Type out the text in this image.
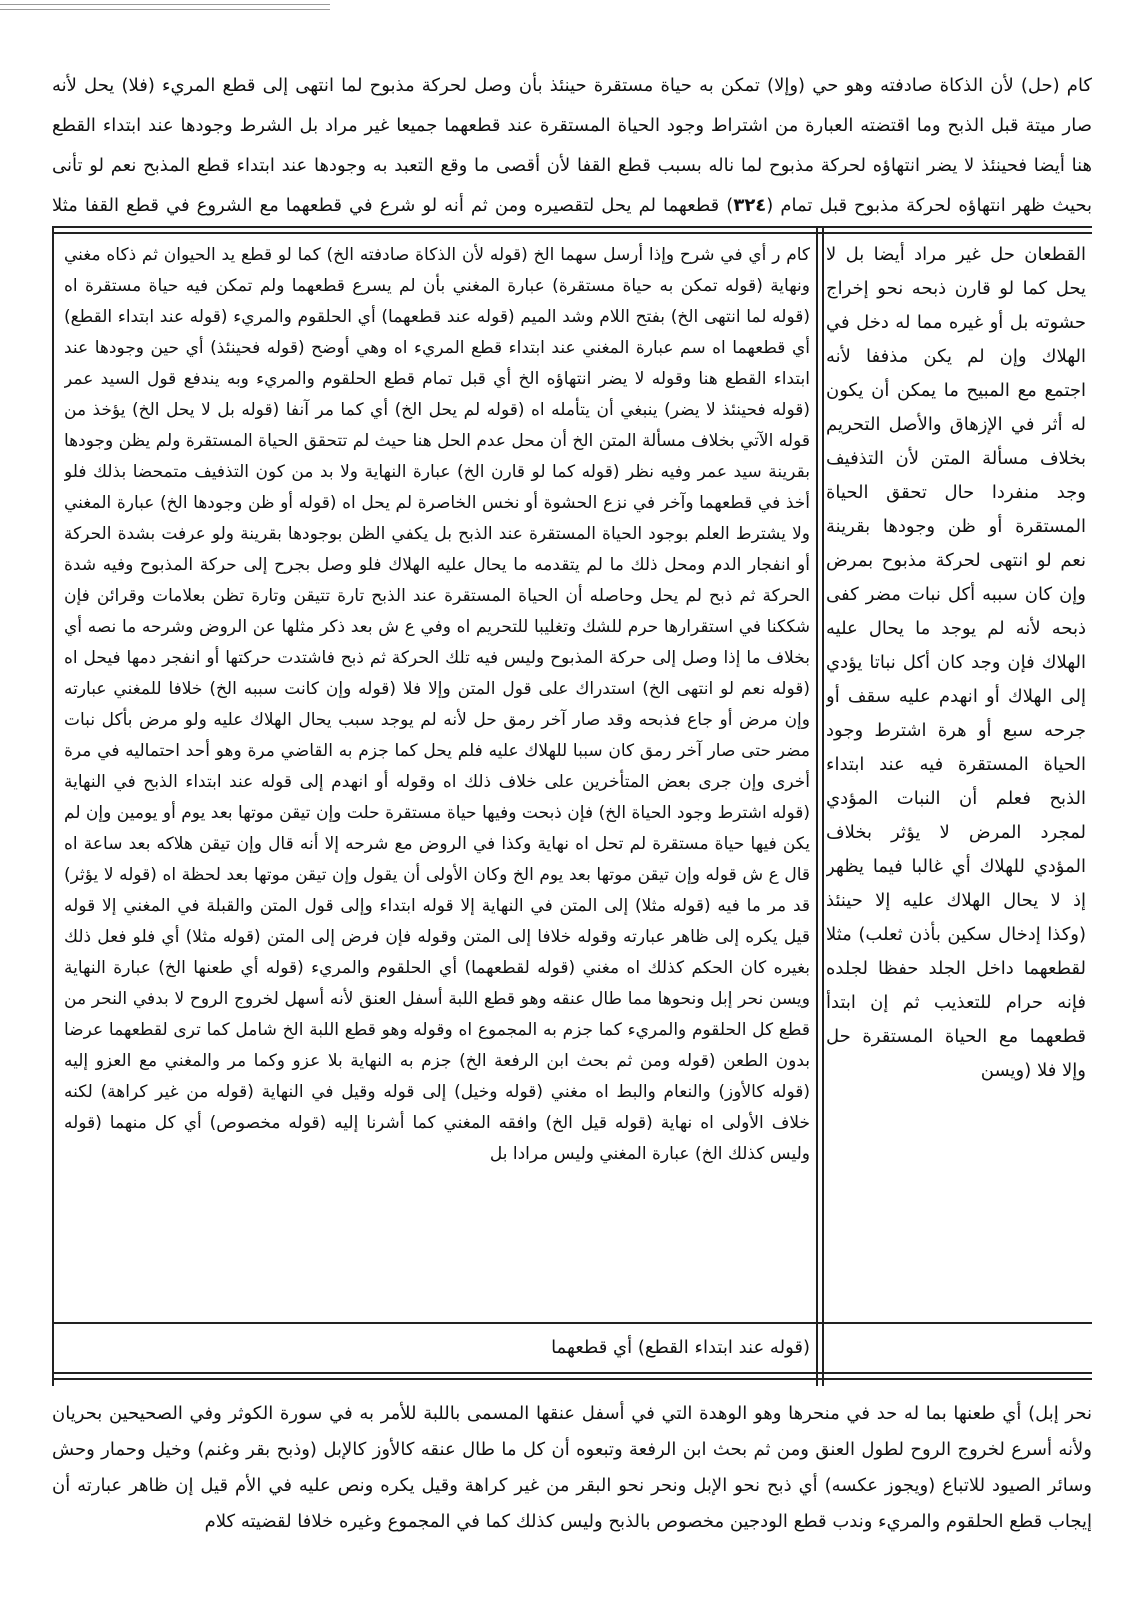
كام (حل) لأن الذكاة صادفته وهو حي (وإلا) تمكن به حياة مستقرة حينئذ بأن وصل لحركة مذبوح لما انتهى إلى قطع المريء (فلا) يحل لأنه صار ميتة قبل الذبح وما اقتضته العبارة من اشتراط وجود الحياة المستقرة عند قطعهما جميعا غير مراد بل الشرط وجودها عند ابتداء القطع هنا أيضا فحينئذ لا يضر انتهاؤه لحركة مذبوح لما ناله بسبب قطع القفا لأن أقصى ما وقع التعبد به وجودها عند ابتداء قطع المذبح نعم لو تأنى بحيث ظهر انتهاؤه لحركة مذبوح قبل تمام (٣٢٤) قطعهما لم يحل لتقصيره ومن ثم أنه لو شرع في قطعهما مع الشروع في قطع القفا مثلا
كام ر أي في شرح وإذا أرسل سهما الخ (قوله لأن الذكاة صادفته الخ) كما لو قطع يد الحيوان ثم ذكاه مغني ونهاية (قوله تمكن به حياة مستقرة) عبارة المغني بأن لم يسرع قطعهما ولم تمكن فيه حياة مستقرة اه (قوله لما انتهى الخ) بفتح اللام وشد الميم (قوله عند قطعهما) أي الحلقوم والمريء (قوله عند ابتداء القطع) أي قطعهما اه سم عبارة المغني عند ابتداء قطع المريء اه وهي أوضح (قوله فحينئذ) أي حين وجودها عند ابتداء القطع هنا وقوله لا يضر انتهاؤه الخ أي قبل تمام قطع الحلقوم والمريء وبه يندفع قول السيد عمر (قوله فحينئذ لا يضر) ينبغي أن يتأمله اه (قوله لم يحل الخ) أي كما مر آنفا (قوله بل لا يحل الخ) يؤخذ من قوله الآتي بخلاف مسألة المتن الخ أن محل عدم الحل هنا حيث لم تتحقق الحياة المستقرة ولم يظن وجودها بقرينة سيد عمر وفيه نظر (قوله كما لو قارن الخ) عبارة النهاية ولا بد من كون التذفيف متمحضا بذلك فلو أخذ في قطعهما وآخر في نزع الحشوة أو نخس الخاصرة لم يحل اه (قوله أو ظن وجودها الخ) عبارة المغني ولا يشترط العلم بوجود الحياة المستقرة عند الذبح بل يكفي الظن بوجودها بقرينة ولو عرفت بشدة الحركة أو انفجار الدم ومحل ذلك ما لم يتقدمه ما يحال عليه الهلاك فلو وصل بجرح إلى حركة المذبوح وفيه شدة الحركة ثم ذبح لم يحل وحاصله أن الحياة المستقرة عند الذبح تارة تتيقن وتارة تظن بعلامات وقرائن فإن شككنا في استقرارها حرم للشك وتغليبا للتحريم اه وفي ع ش بعد ذكر مثلها عن الروض وشرحه ما نصه أي بخلاف ما إذا وصل إلى حركة المذبوح وليس فيه تلك الحركة ثم ذبح فاشتدت حركتها أو انفجر دمها فيحل اه (قوله نعم لو انتهى الخ) استدراك على قول المتن وإلا فلا (قوله وإن كانت سببه الخ) خلافا للمغني عبارته وإن مرض أو جاع فذبحه وقد صار آخر رمق حل لأنه لم يوجد سبب يحال الهلاك عليه ولو مرض بأكل نبات مضر حتى صار آخر رمق كان سببا للهلاك عليه فلم يحل كما جزم به القاضي مرة وهو أحد احتماليه في مرة أخرى وإن جرى بعض المتأخرين على خلاف ذلك اه وقوله أو انهدم إلى قوله عند ابتداء الذبح في النهاية (قوله اشترط وجود الحياة الخ) فإن ذبحت وفيها حياة مستقرة حلت وإن تيقن موتها بعد يوم أو يومين وإن لم يكن فيها حياة مستقرة لم تحل اه نهاية وكذا في الروض مع شرحه إلا أنه قال وإن تيقن هلاكه بعد ساعة اه قال ع ش قوله وإن تيقن موتها بعد يوم الخ وكان الأولى أن يقول وإن تيقن موتها بعد لحظة اه (قوله لا يؤثر) قد مر ما فيه (قوله مثلا) إلى المتن في النهاية إلا قوله ابتداء وإلى قول المتن والقبلة في المغني إلا قوله قيل يكره إلى ظاهر عبارته وقوله خلافا إلى المتن وقوله فإن فرض إلى المتن (قوله مثلا) أي فلو فعل ذلك بغيره كان الحكم كذلك اه مغني (قوله لقطعهما) أي الحلقوم والمريء (قوله أي طعنها الخ) عبارة النهاية ويسن نحر إبل ونحوها مما طال عنقه وهو قطع اللبة أسفل العنق لأنه أسهل لخروج الروح لا بدفي النحر من قطع كل الحلقوم والمريء كما جزم به المجموع اه وقوله وهو قطع اللبة الخ شامل كما ترى لقطعهما عرضا بدون الطعن (قوله ومن ثم بحث ابن الرفعة الخ) جزم به النهاية بلا عزو وكما مر والمغني مع العزو إليه (قوله كالأوز) والنعام والبط اه مغني (قوله وخيل) إلى قوله وقيل في النهاية (قوله من غير كراهة) لكنه خلاف الأولى اه نهاية (قوله قيل الخ) وافقه المغني كما أشرنا إليه (قوله مخصوص) أي كل منهما (قوله وليس كذلك الخ) عبارة المغني وليس مرادا بل
القطعان حل غير مراد أيضا بل لا يحل كما لو قارن ذبحه نحو إخراج حشوته بل أو غيره مما له دخل في الهلاك وإن لم يكن مذففا لأنه اجتمع مع المبيح ما يمكن أن يكون له أثر في الإزهاق والأصل التحريم بخلاف مسألة المتن لأن التذفيف وجد منفردا حال تحقق الحياة المستقرة أو ظن وجودها بقرينة نعم لو انتهى لحركة مذبوح بمرض وإن كان سببه أكل نبات مضر كفى ذبحه لأنه لم يوجد ما يحال عليه الهلاك فإن وجد كان أكل نباتا يؤدي إلى الهلاك أو انهدم عليه سقف أو جرحه سبع أو هرة اشترط وجود الحياة المستقرة فيه عند ابتداء الذبح فعلم أن النبات المؤدي لمجرد المرض لا يؤثر بخلاف المؤدي للهلاك أي غالبا فيما يظهر إذ لا يحال الهلاك عليه إلا حينئذ (وكذا إدخال سكين بأذن ثعلب) مثلا لقطعهما داخل الجلد حفظا لجلده فإنه حرام للتعذيب ثم إن ابتدأ قطعهما مع الحياة المستقرة حل وإلا فلا (ويسن
(قوله عند ابتداء القطع) أي قطعهما
نحر إبل) أي طعنها بما له حد في منحرها وهو الوهدة التي في أسفل عنقها المسمى باللبة للأمر به في سورة الكوثر وفي الصحيحين بحريان ولأنه أسرع لخروج الروح لطول العنق ومن ثم بحث ابن الرفعة وتبعوه أن كل ما طال عنقه كالأوز كالإبل (وذبح بقر وغنم) وخيل وحمار وحش وسائر الصيود للاتباع (ويجوز عكسه) أي ذبح نحو الإبل ونحر نحو البقر من غير كراهة وقيل يكره ونص عليه في الأم قيل إن ظاهر عبارته أن إيجاب قطع الحلقوم والمريء وندب قطع الودجين مخصوص بالذبح وليس كذلك كما في المجموع وغيره خلافا لقضيته كلام
